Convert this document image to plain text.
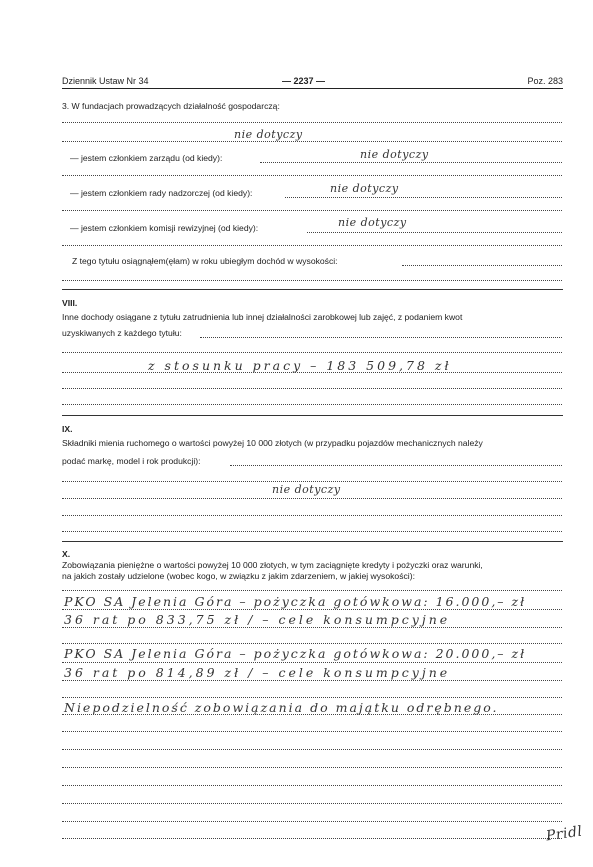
Dziennik Ustaw Nr 34	— 2237 —	Poz. 283
3. W fundacjach prowadzących działalność gospodarczą:
nie dotyczy
— jestem członkiem zarządu (od kiedy):	nie dotyczy
— jestem członkiem rady nadzorczej (od kiedy):	nie dotyczy
— jestem członkiem komisji rewizyjnej (od kiedy):	nie dotyczy
Z tego tytułu osiągnąłem(ęłam) w roku ubiegłym dochód w wysokości:
VIII.
Inne dochody osiągane z tytułu zatrudnienia lub innej działalności zarobkowej lub zajęć, z podaniem kwot
uzyskiwanych z każdego tytułu:
z stosunku pracy – 183 509,78 zł
IX.
Składniki mienia ruchomego o wartości powyżej 10 000 złotych (w przypadku pojazdów mechanicznych należy
podać markę, model i rok produkcji):
nie dotyczy
X.
Zobowiązania pieniężne o wartości powyżej 10 000 złotych, w tym zaciągnięte kredyty i pożyczki oraz warunki,
na jakich zostały udzielone (wobec kogo, w związku z jakim zdarzeniem, w jakiej wysokości):
PKO SA Jelenia Góra – pożyczka gotówkowa: 16.000,– zł
36 rat po 833,75 zł / – cele konsumpcyjne
PKO SA Jelenia Góra – pożyczka gotówkowa: 20.000,– zł
36 rat po 814,89 zł / – cele konsumpcyjne
Niepodzielność zobowiązania do majątku odrębnego.
Pridl
